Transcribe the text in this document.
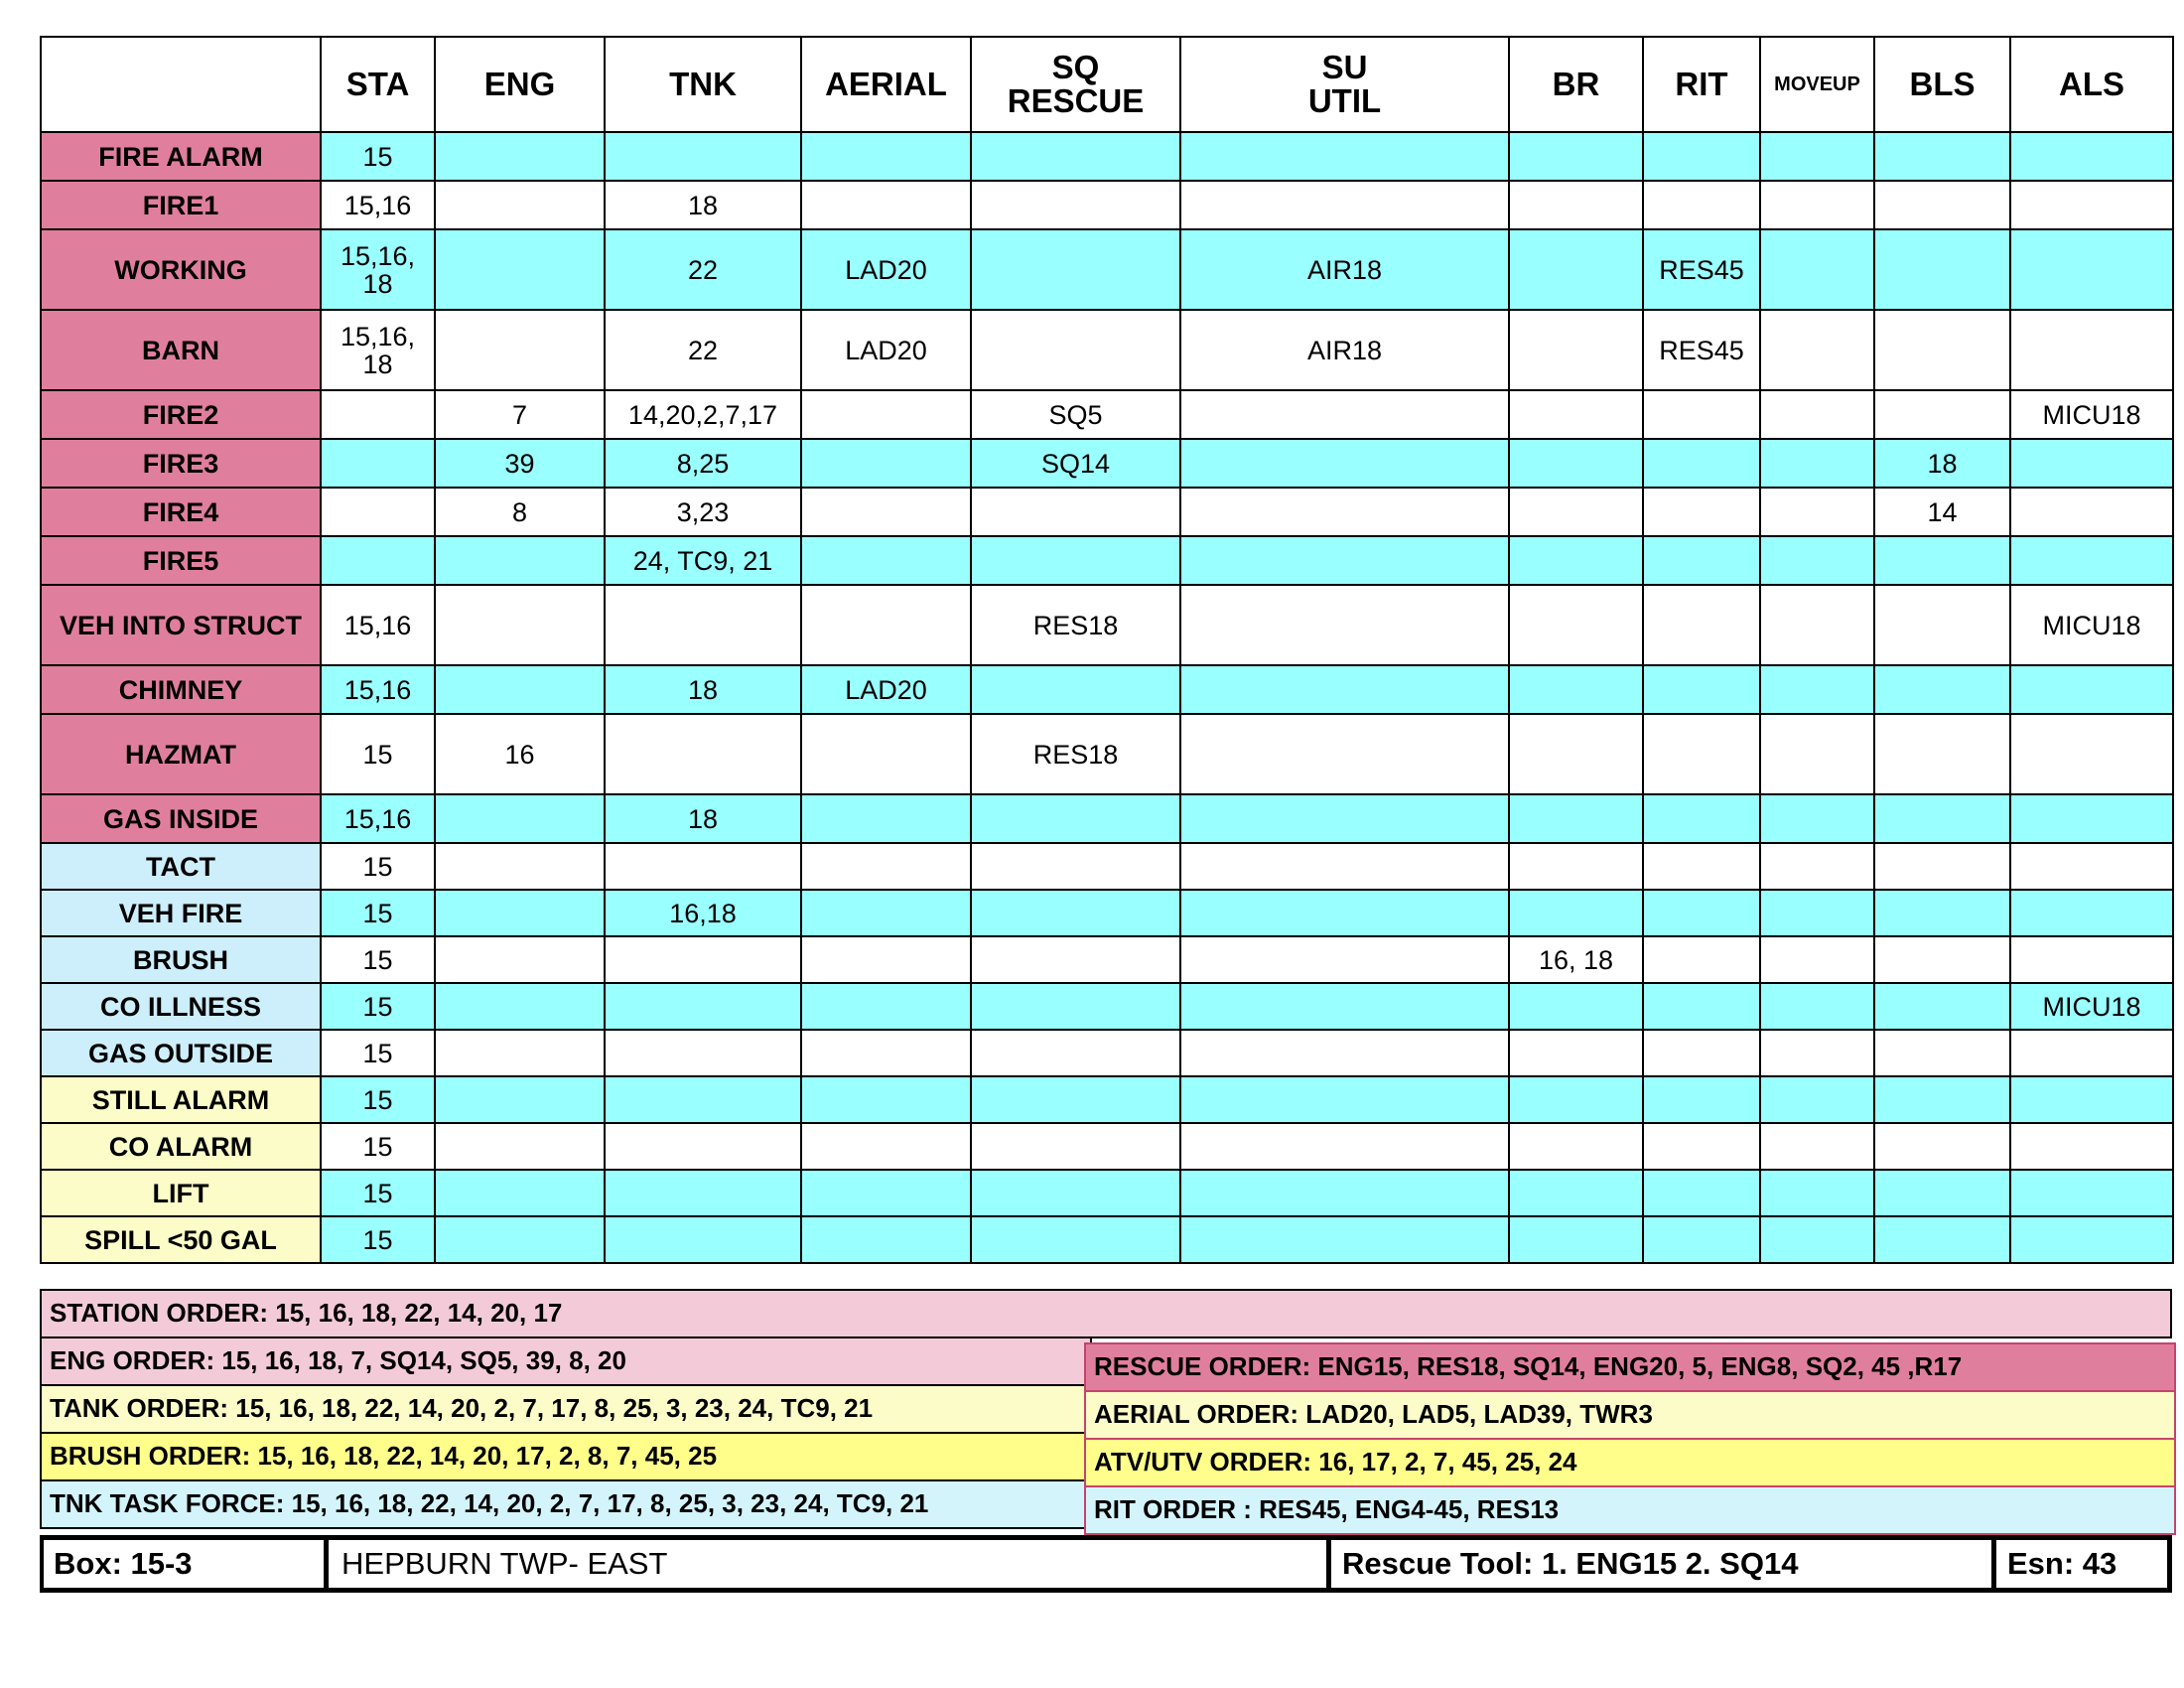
	STA	ENG	TNK	AERIAL	SQ
RESCUE	SU
UTIL	BR	RIT	MOVEUP	BLS	ALS
FIRE ALARM	15										
FIRE1	15,16		18								
WORKING	15,16,
18		22	LAD20		AIR18		RES45			
BARN	15,16,
18		22	LAD20		AIR18		RES45			
FIRE2		7	14,20,2,7,17		SQ5						MICU18
FIRE3		39	8,25		SQ14					18	
FIRE4		8	3,23							14	
FIRE5			24, TC9, 21								
VEH INTO STRUCT	15,16				RES18						MICU18
CHIMNEY	15,16		18	LAD20							
HAZMAT	15	16			RES18						
GAS INSIDE	15,16		18								
TACT	15										
VEH FIRE	15		16,18								
BRUSH	15						16, 18				
CO ILLNESS	15										MICU18
GAS OUTSIDE	15										
STILL ALARM	15										
CO ALARM	15										
LIFT	15										
SPILL <50 GAL	15										
STATION ORDER: 15, 16, 18, 22, 14, 20, 17
ENG ORDER: 15, 16, 18, 7, SQ14, SQ5, 39, 8, 20
TANK ORDER: 15, 16, 18, 22, 14, 20, 2, 7, 17, 8, 25, 3, 23, 24, TC9, 21
BRUSH ORDER: 15, 16, 18, 22, 14, 20, 17, 2, 8, 7, 45, 25
TNK TASK FORCE: 15, 16, 18, 22, 14, 20, 2, 7, 17, 8, 25, 3, 23, 24, TC9, 21
RESCUE ORDER: ENG15, RES18, SQ14, ENG20, 5, ENG8, SQ2, 45 ,R17
AERIAL ORDER: LAD20, LAD5, LAD39, TWR3
ATV/UTV ORDER: 16, 17, 2, 7, 45, 25, 24
RIT ORDER : RES45, ENG4-45, RES13
Box: 15-3	HEPBURN TWP- EAST	Rescue Tool: 1. ENG15 2. SQ14	Esn: 43
